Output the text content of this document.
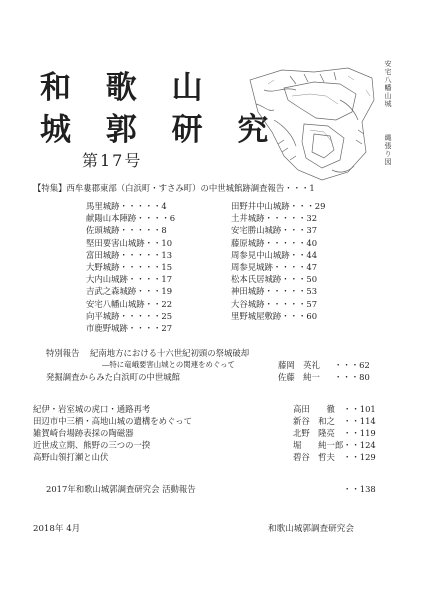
和 歌 山
城 郭 研 究
第17号
安宅八幡山城
縄張り図
【特集】西牟婁郡東部（白浜町・すさみ町）の中世城館跡調査報告・・・1
馬里城跡・・・・・4
献陽山本陣跡・・・・6
佐頭城跡・・・・・8
堅田要害山城跡・・10
富田城跡・・・・・13
大野城跡・・・・・15
大内山城跡・・・・17
吉武之森城跡・・・19
安宅八幡山城跡・・22
向平城跡・・・・・25
市鹿野城跡・・・・27
田野井中山城跡・・・29
土井城跡・・・・・32
安宅勝山城跡・・・37
藤原城跡・・・・・40
周参見中山城跡・・44
周参見城跡・・・・47
松本氏居城跡・・・50
神田城跡・・・・・53
大谷城跡・・・・・57
里野城屋敷跡・・・60
特別報告 紀南地方における十六世紀初頭の祭城破却
―特に竜峨要害山城との関連をめぐって	藤岡　英礼 ・・・62
発掘調査からみた白浜町の中世城館	佐藤　純一 ・・・80
紀伊・岩室城の虎口・通路再考	高田　　徹 ・・101
田辺市中三栖・高地山城の遺構をめぐって	新谷　和之 ・・114
雑賀崎台場跡表採の陶磁器	北野　隆亮 ・・119
近世成立期、熊野の三つの一揆	堀　　純一郎 ・・124
高野山領打瀬と山伏	碧谷　哲夫 ・・129
2017年和歌山城郭調査研究会 活動報告	・・138
2018年 4月	和歌山城郭調査研究会
